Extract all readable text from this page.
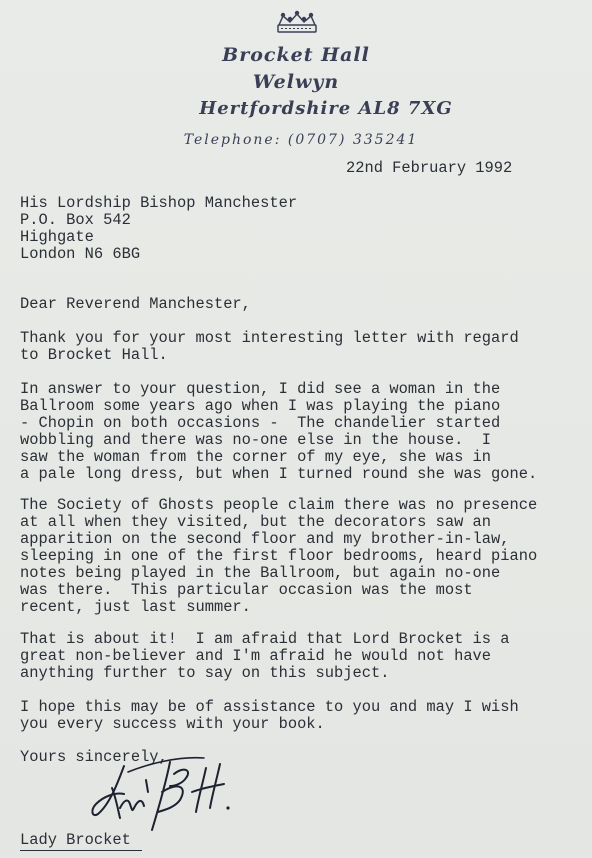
Brocket Hall
Welwyn
Hertfordshire AL8 7XG
Telephone: (0707) 335241
22nd February 1992
His Lordship Bishop Manchester
P.O. Box 542
Highgate
London N6 6BG
Dear Reverend Manchester,
Thank you for your most interesting letter with regard
to Brocket Hall.
In answer to your question, I did see a woman in the
Ballroom some years ago when I was playing the piano
- Chopin on both occasions -  The chandelier started
wobbling and there was no-one else in the house.  I
saw the woman from the corner of my eye, she was in
a pale long dress, but when I turned round she was gone.
The Society of Ghosts people claim there was no presence
at all when they visited, but the decorators saw an
apparition on the second floor and my brother-in-law,
sleeping in one of the first floor bedrooms, heard piano
notes being played in the Ballroom, but again no-one
was there.  This particular occasion was the most
recent, just last summer.
That is about it!  I am afraid that Lord Brocket is a
great non-believer and I'm afraid he would not have
anything further to say on this subject.
I hope this may be of assistance to you and may I wish
you every success with your book.
Yours sincerely,
Lady Brocket
